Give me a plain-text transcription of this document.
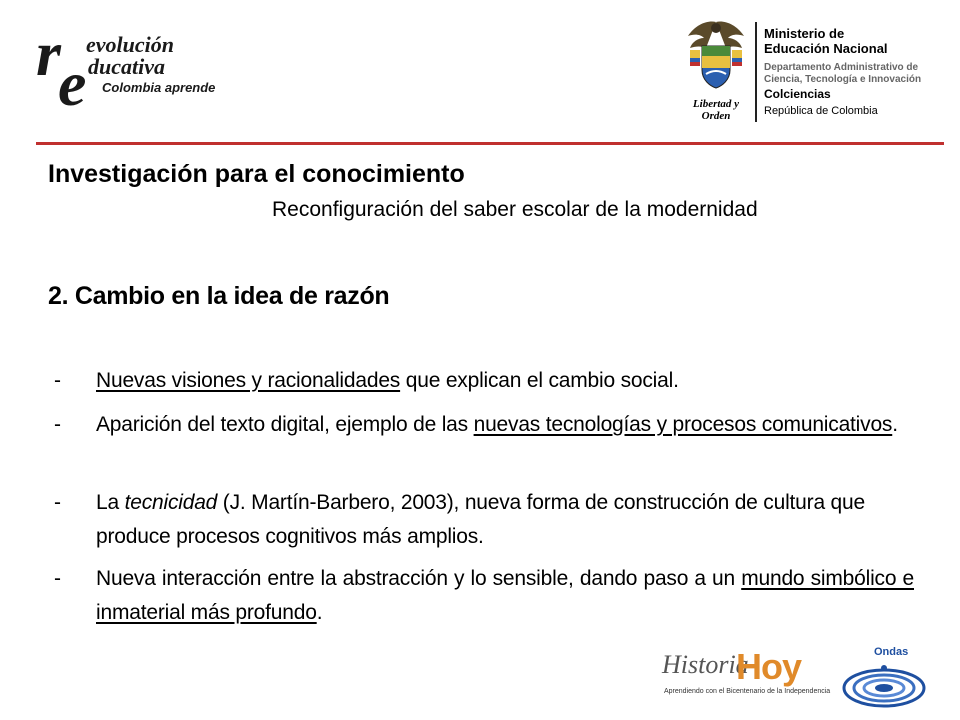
r
e
evolución
ducativa
Colombia aprende
Libertad y Orden
Ministerio de
Educación Nacional
Departamento Administrativo de
Ciencia, Tecnología e Innovación
Colciencias
República de Colombia
Investigación para el conocimiento
Reconfiguración del saber escolar de la modernidad
2. Cambio en la idea de razón
- Nuevas visiones y racionalidades que explican el cambio social.
- Aparición del texto digital, ejemplo de las nuevas tecnologías y procesos comunicativos.
- La tecnicidad (J. Martín-Barbero, 2003), nueva forma de construcción de cultura que produce procesos cognitivos más amplios.
- Nueva interacción entre la abstracción y lo sensible, dando paso a un mundo simbólico e inmaterial más profundo.
Historia
Hoy
Aprendiendo con el Bicentenario de la Independencia
Ondas
